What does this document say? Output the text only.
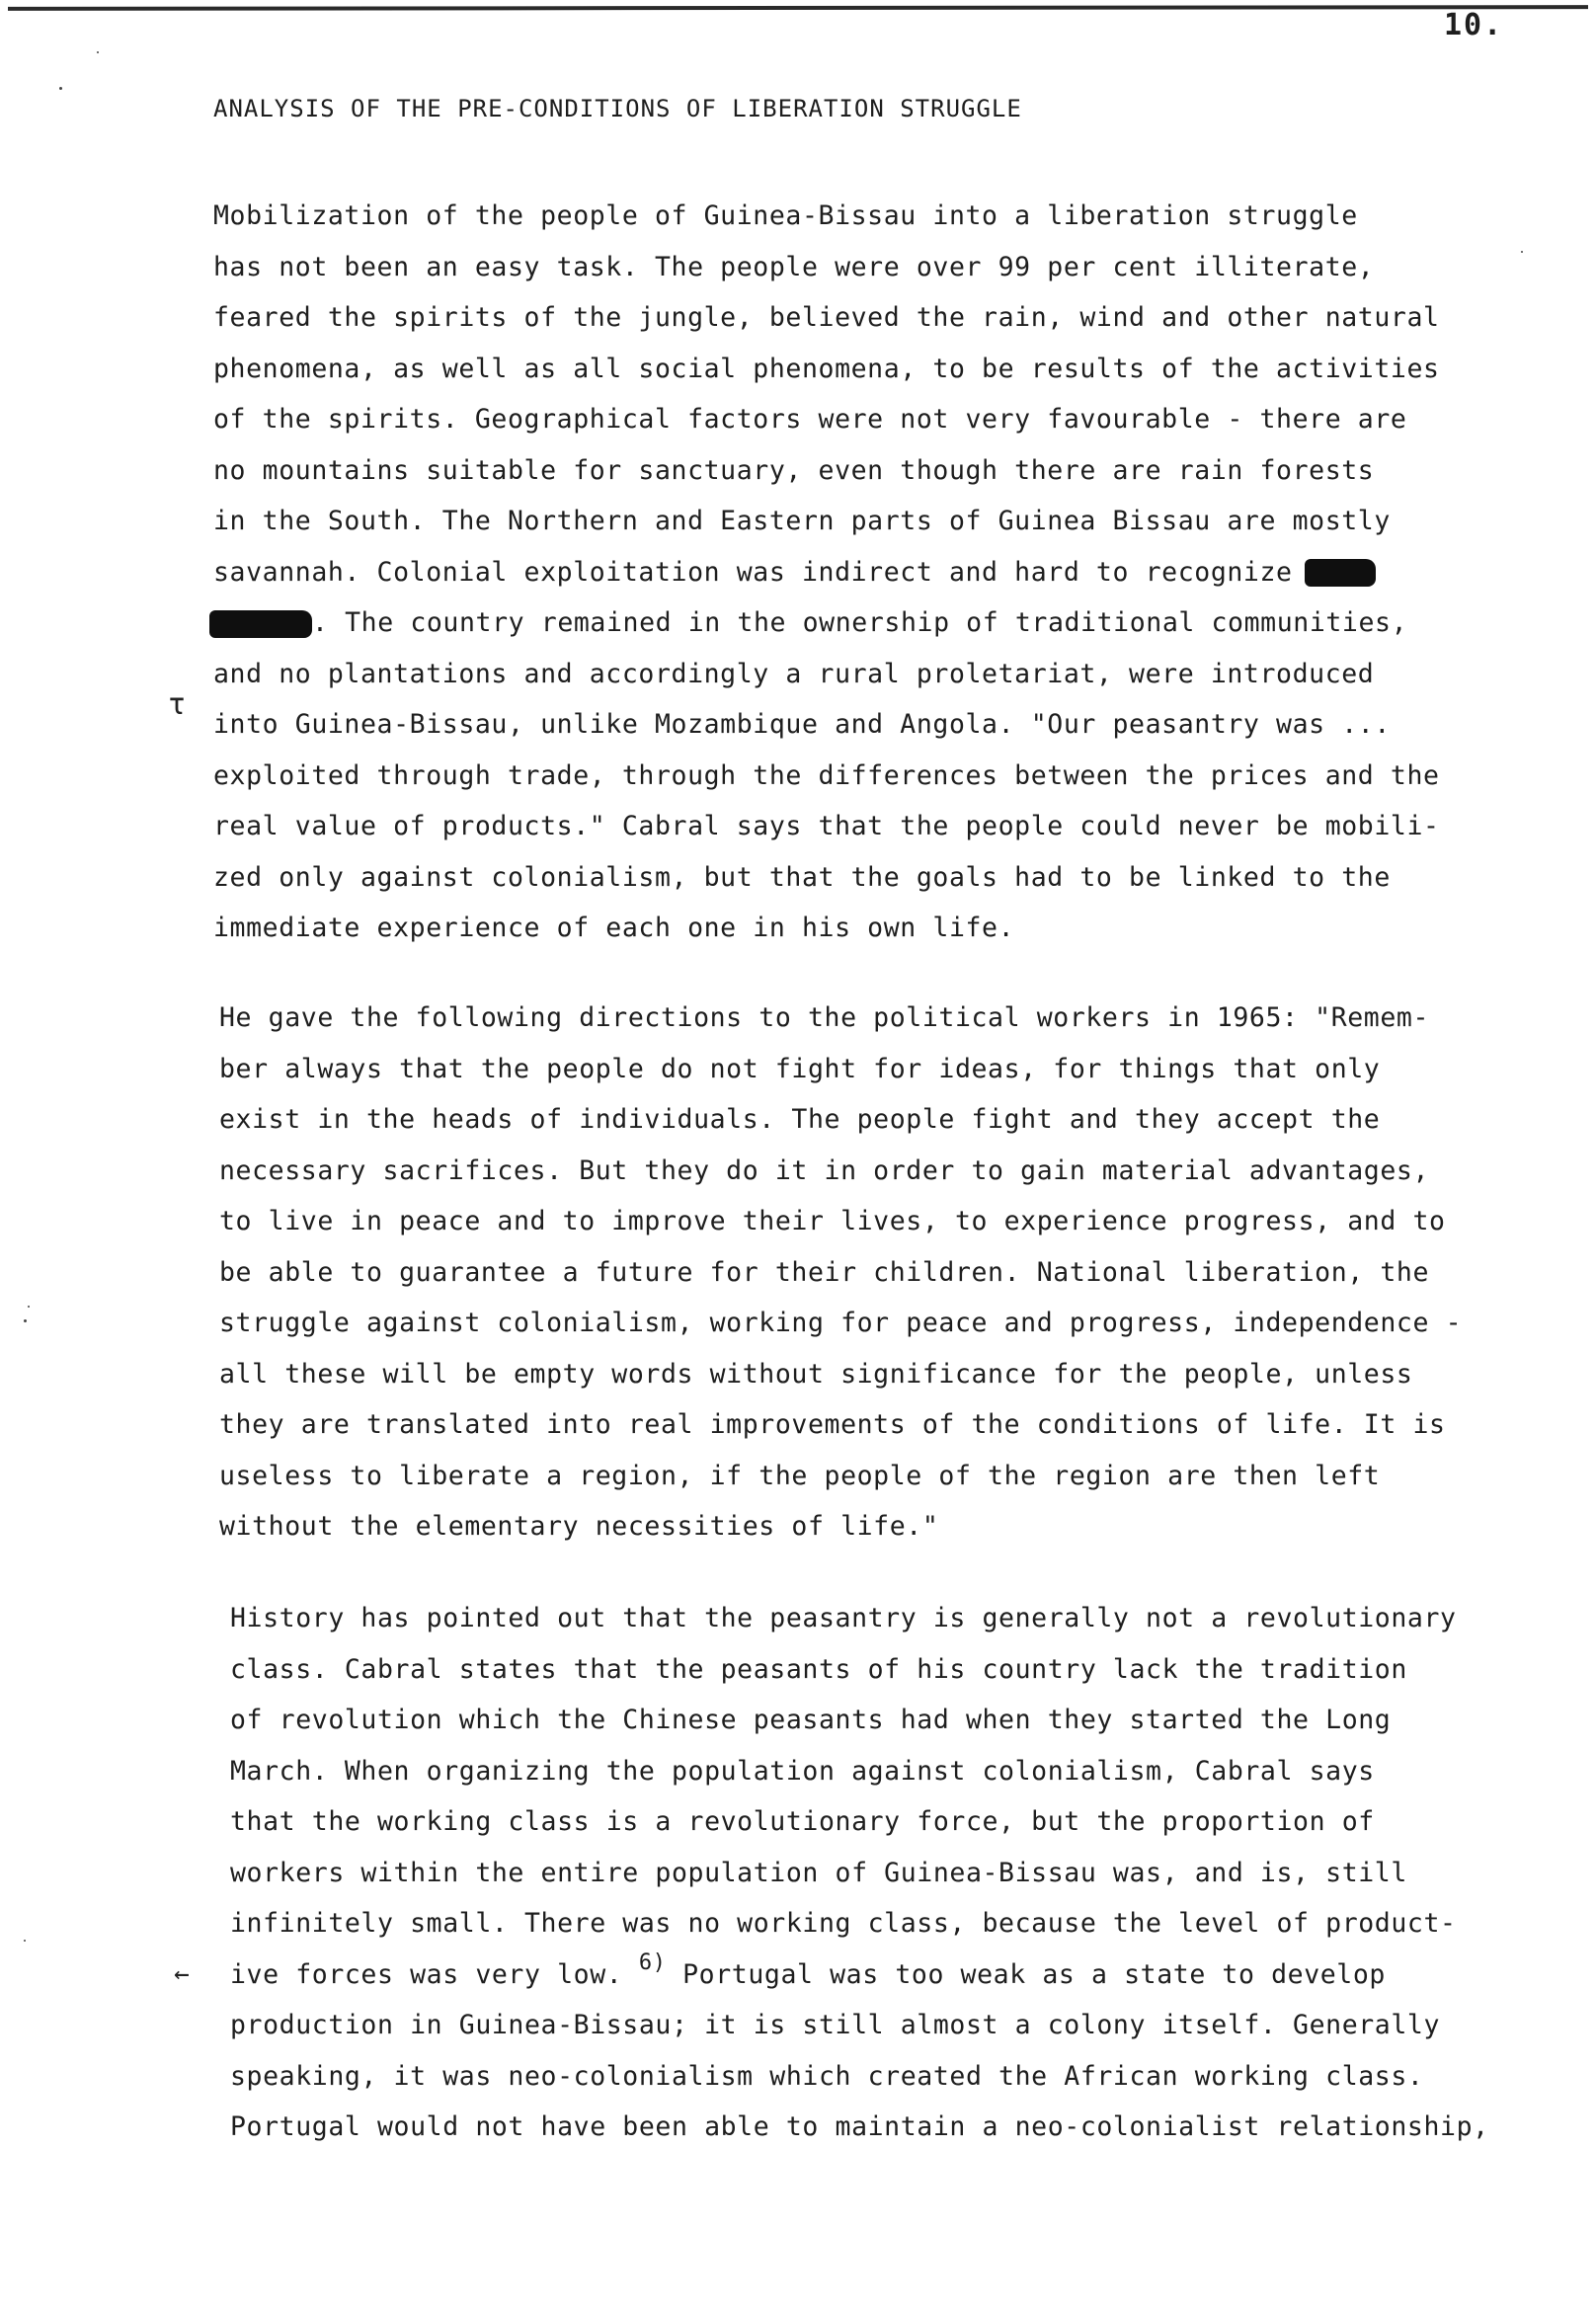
10.
ANALYSIS OF THE PRE-CONDITIONS OF LIBERATION STRUGGLE
Mobilization of the people of Guinea-Bissau into a liberation struggle
has not been an easy task. The people were over 99 per cent illiterate,
feared the spirits of the jungle, believed the rain, wind and other natural
phenomena, as well as all social phenomena, to be results of the activities
of the spirits. Geographical factors were not very favourable - there are
no mountains suitable for sanctuary, even though there are rain forests
in the South. The Northern and Eastern parts of Guinea Bissau are mostly
savannah. Colonial exploitation was indirect and hard to recognize
. The country remained in the ownership of traditional communities,
and no plantations and accordingly a rural proletariat, were introduced
into Guinea-Bissau, unlike Mozambique and Angola. "Our peasantry was ...
exploited through trade, through the differences between the prices and the
real value of products." Cabral says that the people could never be mobili-
zed only against colonialism, but that the goals had to be linked to the
immediate experience of each one in his own life.
He gave the following directions to the political workers in 1965: "Remem-
ber always that the people do not fight for ideas, for things that only
exist in the heads of individuals. The people fight and they accept the
necessary sacrifices. But they do it in order to gain material advantages,
to live in peace and to improve their lives, to experience progress, and to
be able to guarantee a future for their children. National liberation, the
struggle against colonialism, working for peace and progress, independence -
all these will be empty words without significance for the people, unless
they are translated into real improvements of the conditions of life. It is
useless to liberate a region, if the people of the region are then left
without the elementary necessities of life."
History has pointed out that the peasantry is generally not a revolutionary
class. Cabral states that the peasants of his country lack the tradition
of revolution which the Chinese peasants had when they started the Long
March. When organizing the population against colonialism, Cabral says
that the working class is a revolutionary force, but the proportion of
workers within the entire population of Guinea-Bissau was, and is, still
infinitely small. There was no working class, because the level of product-
ive forces was very low. $^{6)}$ Portugal was too weak as a state to develop
production in Guinea-Bissau; it is still almost a colony itself. Generally
speaking, it was neo-colonialism which created the African working class.
Portugal would not have been able to maintain a neo-colonialist relationship,
τ
←
